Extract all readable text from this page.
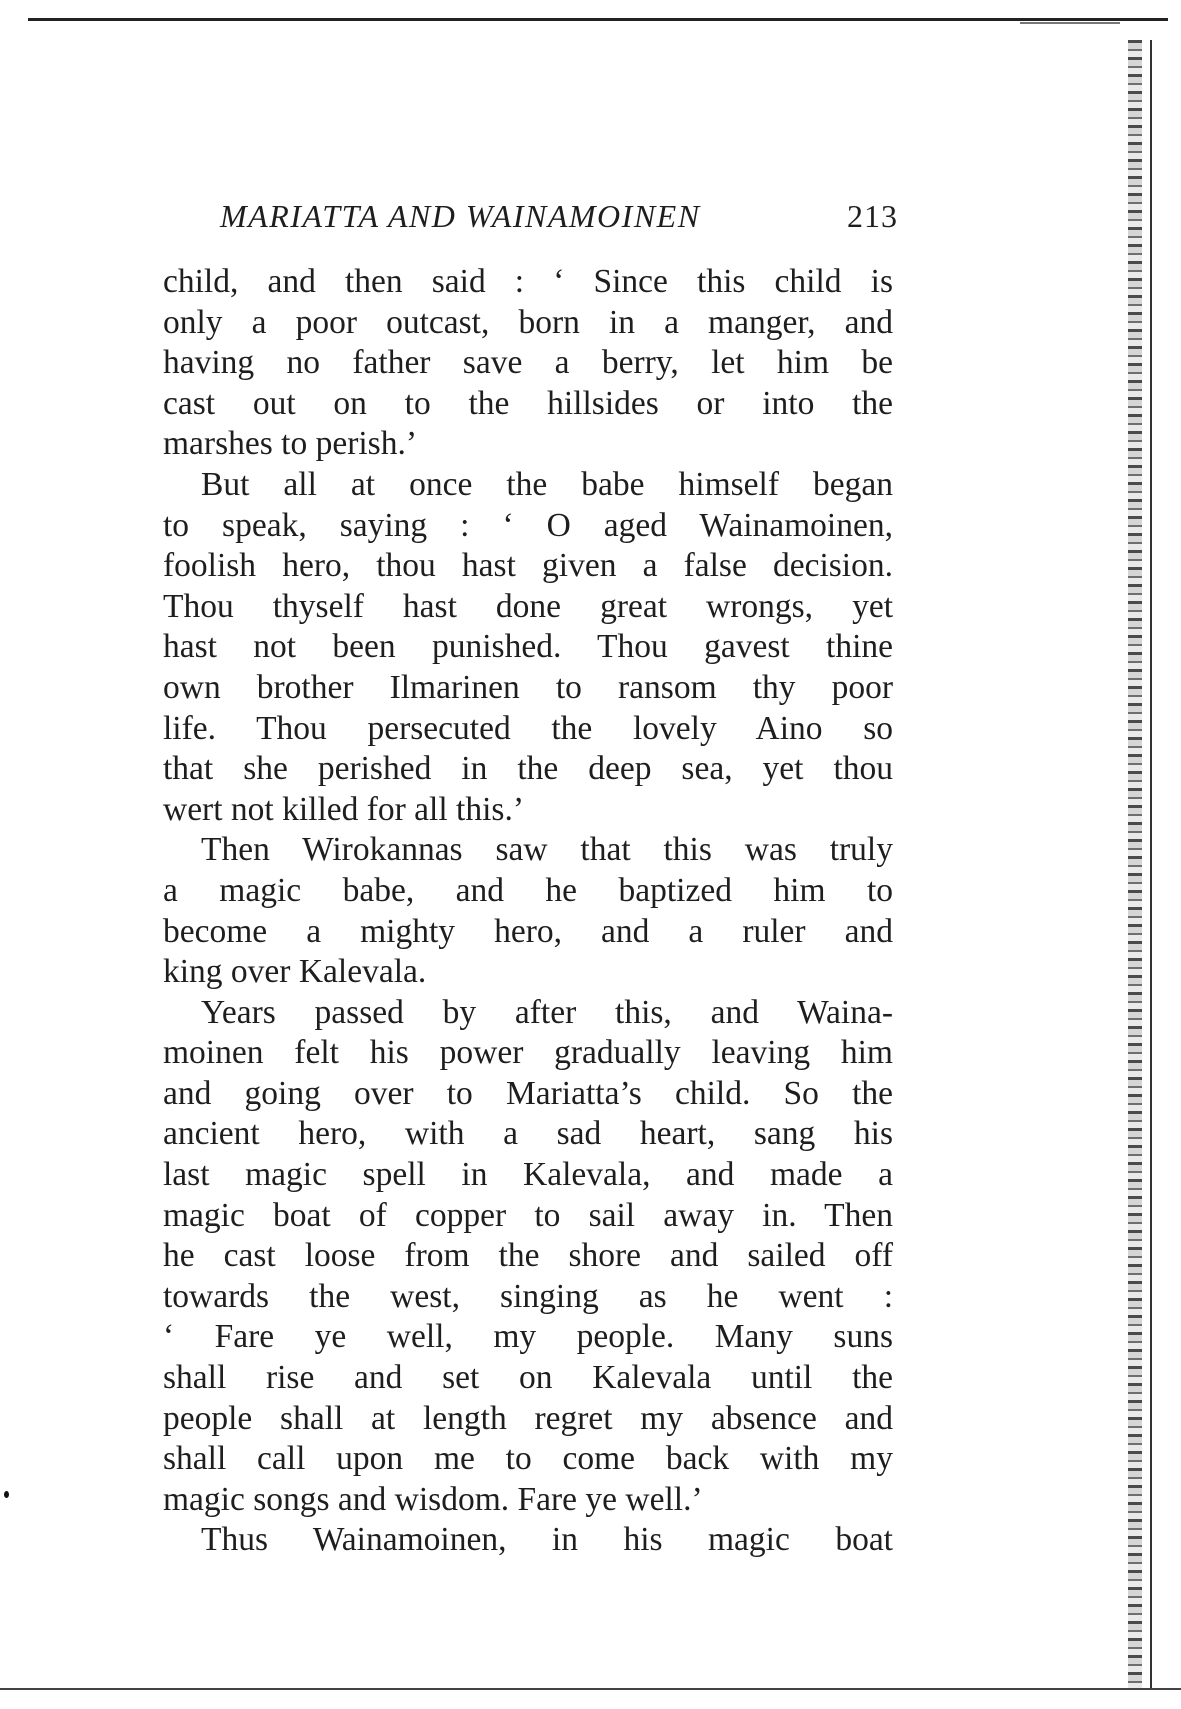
MARIATTA AND WAINAMOINEN	213
child, and then said : ‘ Since this child is
only a poor outcast, born in a manger, and
having no father save a berry, let him be
cast out on to the hillsides or into the
marshes to perish.’
But all at once the babe himself began
to speak, saying : ‘ O aged Wainamoinen,
foolish hero, thou hast given a false decision.
Thou thyself hast done great wrongs, yet
hast not been punished. Thou gavest thine
own brother Ilmarinen to ransom thy poor
life. Thou persecuted the lovely Aino so
that she perished in the deep sea, yet thou
wert not killed for all this.’
Then Wirokannas saw that this was truly
a magic babe, and he baptized him to
become a mighty hero, and a ruler and
king over Kalevala.
Years passed by after this, and Waina-
moinen felt his power gradually leaving him
and going over to Mariatta’s child. So the
ancient hero, with a sad heart, sang his
last magic spell in Kalevala, and made a
magic boat of copper to sail away in. Then
he cast loose from the shore and sailed off
towards the west, singing as he went :
‘ Fare ye well, my people. Many suns
shall rise and set on Kalevala until the
people shall at length regret my absence and
shall call upon me to come back with my
magic songs and wisdom. Fare ye well.’
Thus Wainamoinen, in his magic boat
